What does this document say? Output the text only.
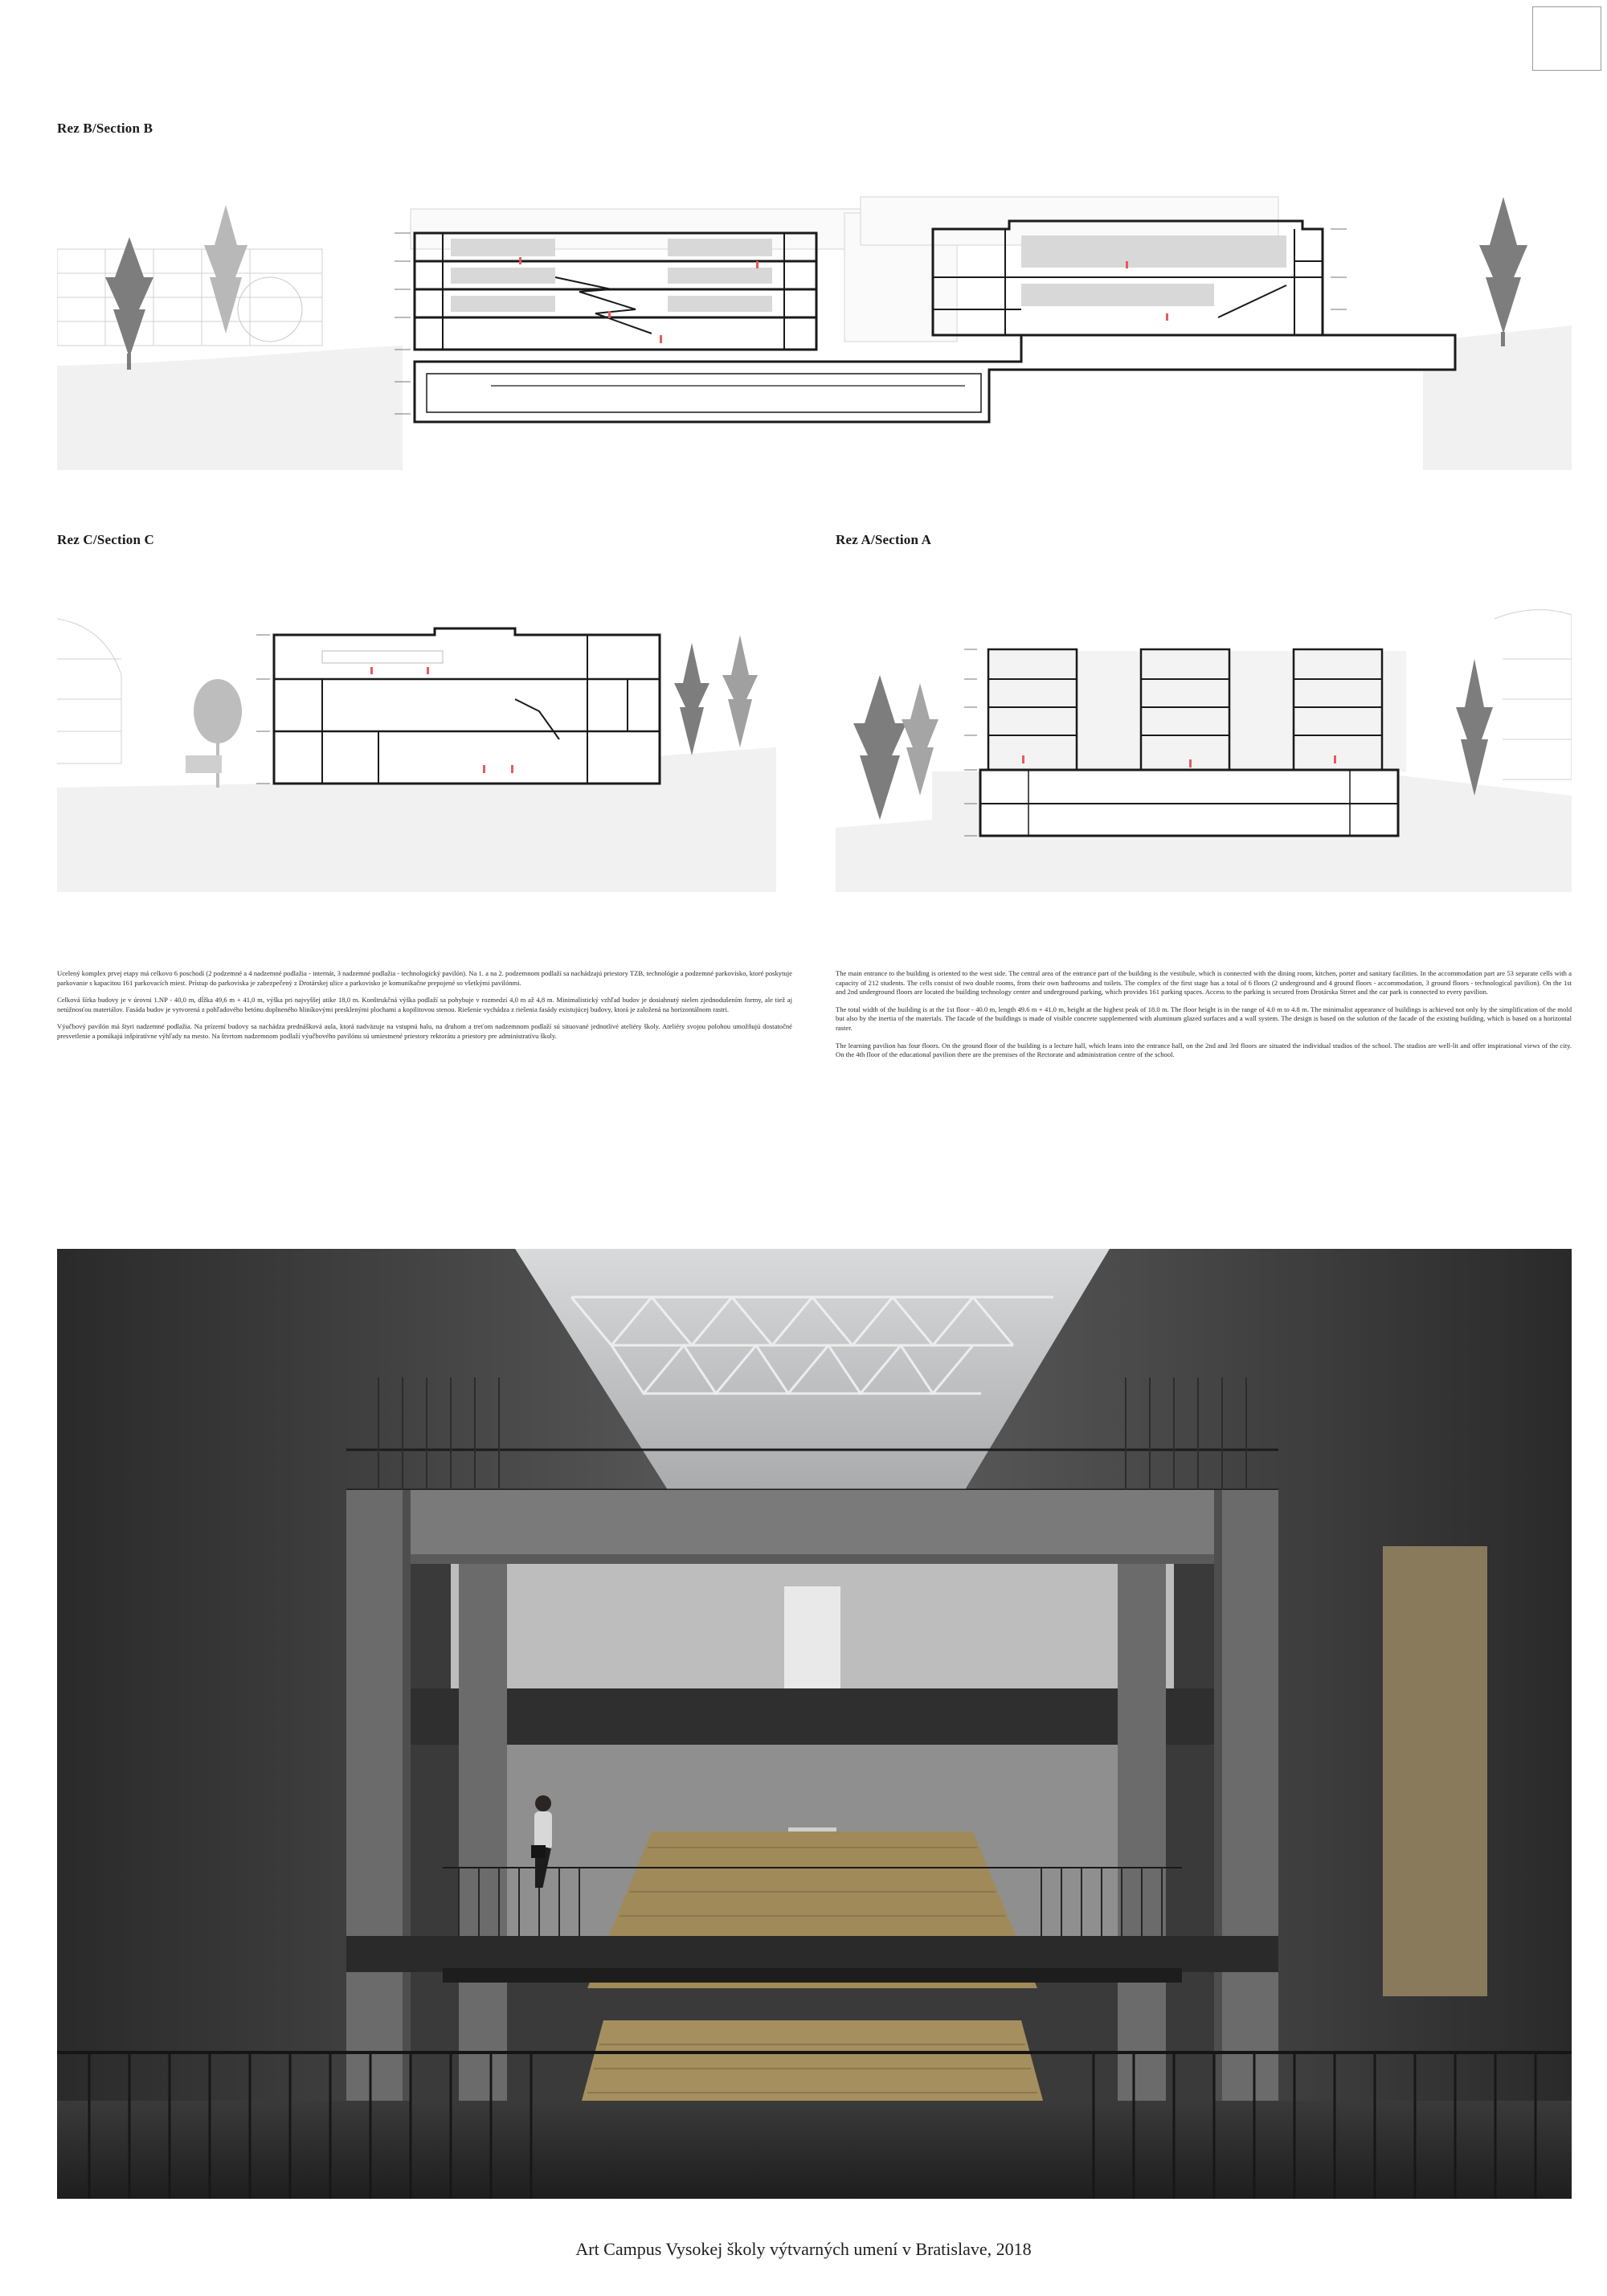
Rez B/Section B
Rez C/Section C	Rez A/Section A

Ucelený komplex prvej etapy má celkovo 6 poschodí (2 podzemné a 4 nadzemné podlažia - internát, 3 nadzemné podlažia - technologický pavilón). Na 1. a na 2. podzemnom podlaží sa nachádzajú priestory TZB, technológie a podzemné parkovisko, ktoré poskytuje parkovanie s kapacitou 161 parkovacích miest. Prístup do parkoviska je zabezpečený z Drotárskej ulice a parkovisko je komunikačne prepojené so všetkými pavilónmi.

Celková šírka budovy je v úrovni 1.NP - 40,0 m, dĺžka 49,6 m + 41,0 m, výška pri najvyššej atike 18,0 m. Konštrukčná výška podlaží sa pohybuje v rozmedzí 4,0 m až 4,8 m. Minimalistický vzhľad budov je dosiahnutý nielen zjednodušením formy, ale tiež aj netúžnosťou materiálov. Fasáda budov je vytvorená z pohľadového betónu doplneného hliníkovými presklenými plochami a kopilitovou stenou. Riešenie vychádza z riešenia fasády existujúcej budovy, ktorá je založená na horizontálnom rastri.

Výučbový pavilón má štyri nadzemné podlažia. Na prízemí budovy sa nachádza prednášková aula, ktorá nadväzuje na vstupnú halu, na druhom a treťom nadzemnom podlaží sú situované jednotlivé ateliéry školy. Ateliéry svojou polohou umožňujú dostatočné presvetlenie a ponúkajú inšpiratívne výhľady na mesto. Na štvrtom nadzemnom podlaží výučbového pavilónu sú umiestnené priestory rektorátu a priestory pre administratívu školy.

The main entrance to the building is oriented to the west side. The central area of the entrance part of the building is the vestibule, which is connected with the dining room, kitchen, porter and sanitary facilities. In the accommodation part are 53 separate cells with a capacity of 212 students. The cells consist of two double rooms, from their own bathrooms and toilets. The complex of the first stage has a total of 6 floors (2 underground and 4 ground floors - accommodation, 3 ground floors - technological pavilion). On the 1st and 2nd underground floors are located the building technology center and underground parking, which provides 161 parking spaces. Access to the parking is secured from Drotárska Street and the car park is connected to every pavilion.

The total width of the building is at the 1st floor - 40.0 m, length 49.6 m + 41.0 m, height at the highest peak of 18.0 m. The floor height is in the range of 4.0 m to 4.8 m. The minimalist appearance of buildings is achieved not only by the simplification of the mold but also by the inertia of the materials. The facade of the buildings is made of visible concrete supplemented with aluminum glazed surfaces and a wall system. The design is based on the solution of the facade of the existing building, which is based on a horizontal raster.

The learning pavilion has four floors. On the ground floor of the building is a lecture hall, which leans into the entrance hall, on the 2nd and 3rd floors are situated the individual studios of the school. The studios are well-lit and offer inspirational views of the city. On the 4th floor of the educational pavilion there are the premises of the Rectorate and administration centre of the school.

Art Campus Vysokej školy výtvarných umení v Bratislave, 2018
